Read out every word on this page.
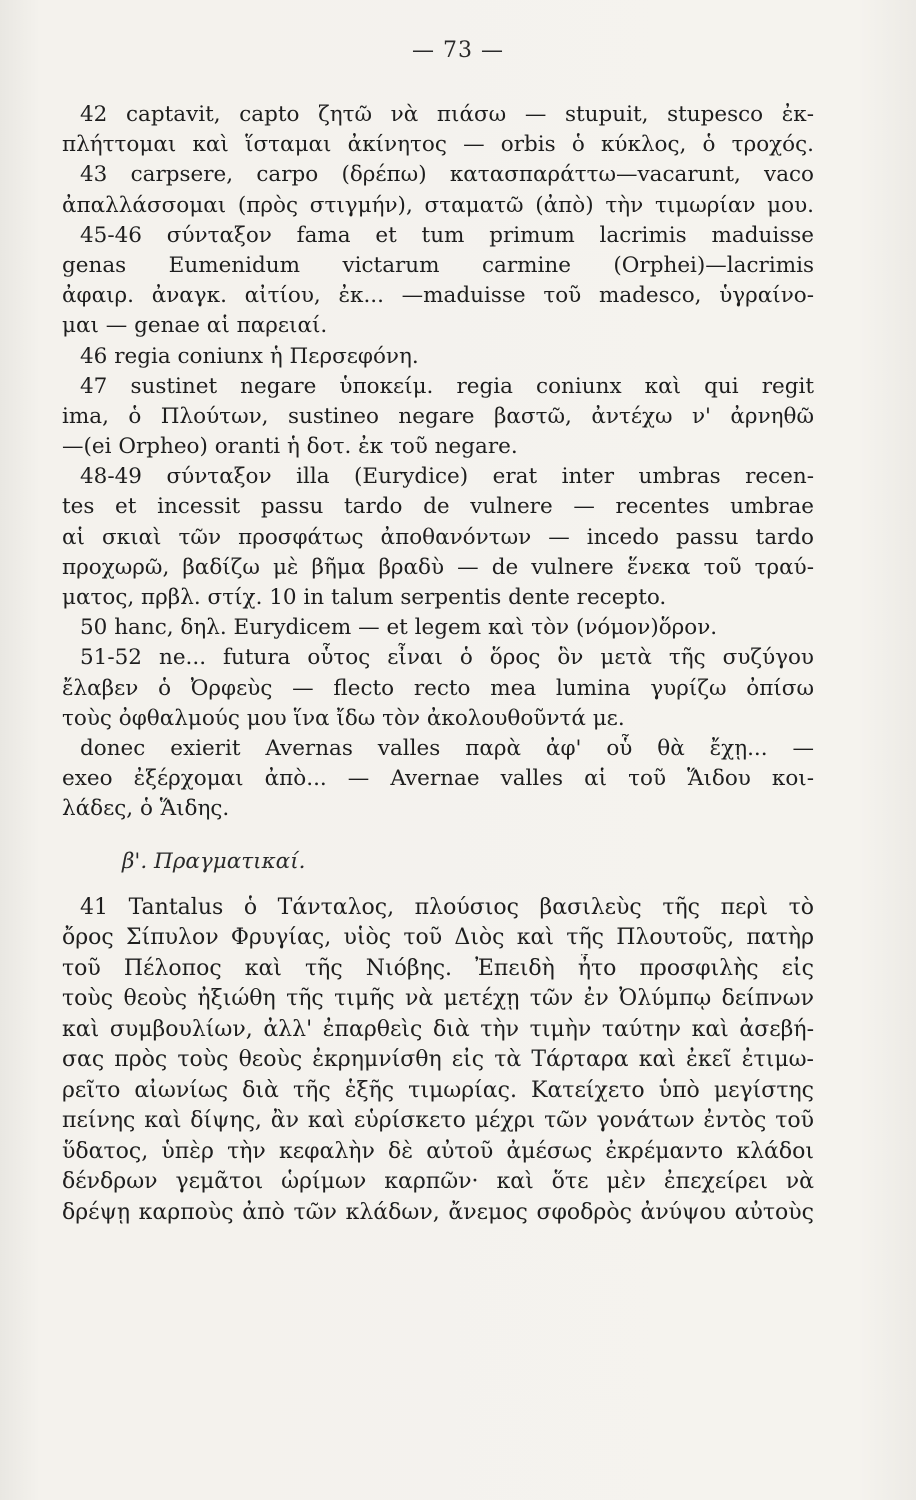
— 73 —
42 captavit, capto ζητῶ νὰ πιάσω — stupuit, stupesco ἐκ-
πλήττομαι καὶ ἵσταμαι ἀκίνητος — orbis ὁ κύκλος, ὁ τροχός.
43 carpsere, carpo (δρέπω) κατασπαράττω—vacarunt, vaco
ἀπαλλάσσομαι (πρὸς στιγμήν), σταματῶ (ἀπὸ) τὴν τιμωρίαν μου.
45-46 σύνταξον fama et tum primum lacrimis maduisse
genas Eumenidum victarum carmine (Orphei)—lacrimis
ἀφαιρ. ἀναγκ. αἰτίου, ἐκ... —maduisse τοῦ madesco, ὑγραίνο-
μαι — genae αἱ παρειαί.
46 regia coniunx ἡ Περσεφόνη.
47 sustinet negare ὑποκείμ. regia coniunx καὶ qui regit
ima, ὁ Πλούτων, sustineo negare βαστῶ, ἀντέχω ν' ἀρνηθῶ
—(ei Orpheo) oranti ἡ δοτ. ἐκ τοῦ negare.
48-49 σύνταξον illa (Eurydice) erat inter umbras recen-
tes et incessit passu tardo de vulnere — recentes umbrae
αἱ σκιαὶ τῶν προσφάτως ἀποθανόντων — incedo passu tardo
προχωρῶ, βαδίζω μὲ βῆμα βραδὺ — de vulnere ἕνεκα τοῦ τραύ-
ματος, πρβλ. στίχ. 10 in talum serpentis dente recepto.
50 hanc, δηλ. Eurydicem — et legem καὶ τὸν (νόμον)ὅρον.
51-52 ne... futura οὗτος εἶναι ὁ ὅρος ὃν μετὰ τῆς συζύγου
ἔλαβεν ὁ Ὀρφεὺς — flecto recto mea lumina γυρίζω ὀπίσω
τοὺς ὀφθαλμούς μου ἵνα ἴδω τὸν ἀκολουθοῦντά με.
donec exierit Avernas valles παρὰ ἀφ' οὗ θὰ ἔχῃ... —
exeo ἐξέρχομαι ἀπὸ... — Avernae valles αἱ τοῦ Ἅιδου κοι-
λάδες, ὁ Ἅιδης.
β'. Πραγματικαί.
41 Tantalus ὁ Τάνταλος, πλούσιος βασιλεὺς τῆς περὶ τὸ
ὄρος Σίπυλον Φρυγίας, υἱὸς τοῦ Διὸς καὶ τῆς Πλουτοῦς, πατὴρ
τοῦ Πέλοπος καὶ τῆς Νιόβης. Ἐπειδὴ ἦτο προσφιλὴς εἰς
τοὺς θεοὺς ἠξιώθη τῆς τιμῆς νὰ μετέχῃ τῶν ἐν Ὀλύμπῳ δείπνων
καὶ συμβουλίων, ἀλλ' ἐπαρθεὶς διὰ τὴν τιμὴν ταύτην καὶ ἀσεβή-
σας πρὸς τοὺς θεοὺς ἐκρημνίσθη εἰς τὰ Τάρταρα καὶ ἐκεῖ ἐτιμω-
ρεῖτο αἰωνίως διὰ τῆς ἑξῆς τιμωρίας. Κατείχετο ὑπὸ μεγίστης
πείνης καὶ δίψης, ἂν καὶ εὑρίσκετο μέχρι τῶν γονάτων ἐντὸς τοῦ
ὕδατος, ὑπὲρ τὴν κεφαλὴν δὲ αὐτοῦ ἀμέσως ἐκρέμαντο κλάδοι
δένδρων γεμᾶτοι ὡρίμων καρπῶν· καὶ ὅτε μὲν ἐπεχείρει νὰ
δρέψῃ καρποὺς ἀπὸ τῶν κλάδων, ἄνεμος σφοδρὸς ἀνύψου αὐτοὺς
